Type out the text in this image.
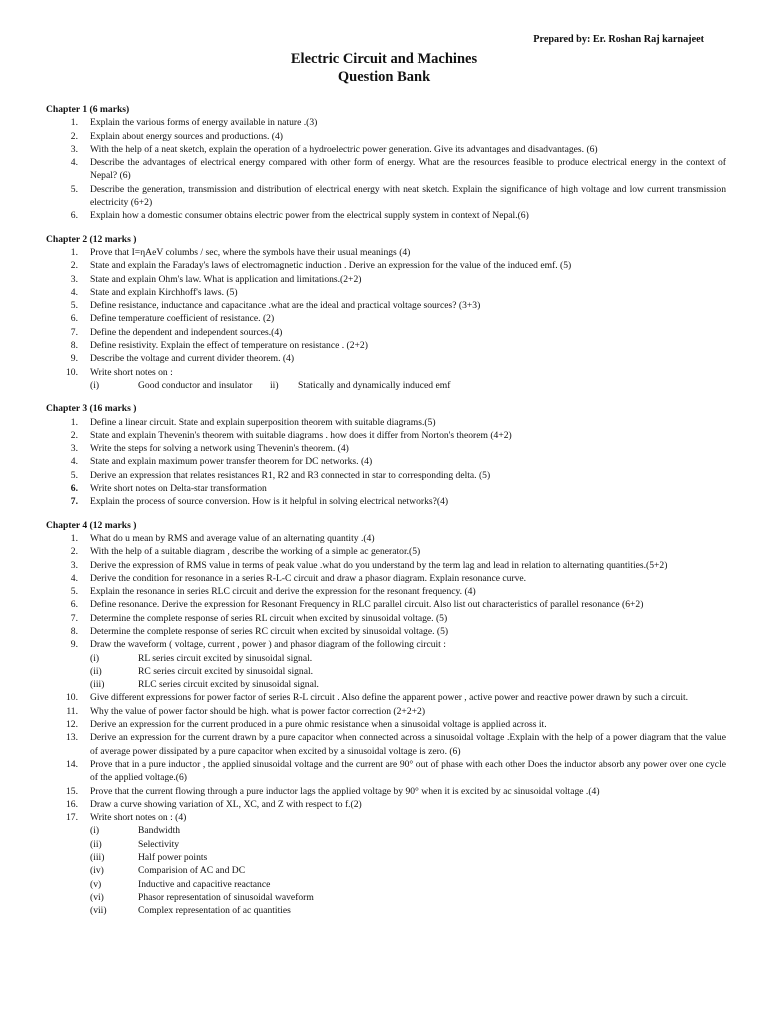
Prepared by: Er. Roshan Raj karnajeet
Electric Circuit and Machines
Question Bank
Chapter 1 (6 marks)
1. Explain the various forms of energy available in nature .(3)
2. Explain about energy sources and productions. (4)
3. With the help of a neat sketch, explain the operation of a hydroelectric power generation. Give its advantages and disadvantages. (6)
4. Describe the advantages of electrical energy compared with other form of energy. What are the resources feasible to produce electrical energy in the context of Nepal? (6)
5. Describe the generation, transmission and distribution of electrical energy with neat sketch. Explain the significance of high voltage and low current transmission electricity (6+2)
6. Explain how a domestic consumer obtains electric power from the electrical supply system in context of Nepal.(6)
Chapter 2 (12 marks )
1. Prove that I=ηAeV columbs / sec, where the symbols have their usual meanings (4)
2. State and explain the Faraday's laws of electromagnetic induction . Derive an expression for the value of the induced emf. (5)
3. State and explain Ohm's law. What is application and limitations.(2+2)
4. State and explain Kirchhoff's laws. (5)
5. Define resistance, inductance and capacitance .what are the ideal and practical voltage sources? (3+3)
6. Define temperature coefficient of resistance. (2)
7. Define the dependent and independent sources.(4)
8. Define resistivity. Explain the effect of temperature on resistance . (2+2)
9. Describe the voltage and current divider theorem. (4)
10. Write short notes on :
(i)	Good conductor and insulator ii) Statically and dynamically induced emf
Chapter 3 (16 marks )
1. Define a linear circuit. State and explain superposition theorem with suitable diagrams.(5)
2. State and explain Thevenin's theorem with suitable diagrams . how does it differ from Norton's theorem (4+2)
3. Write the steps for solving a network using Thevenin's theorem. (4)
4. State and explain maximum power transfer theorem for DC networks. (4)
5. Derive an expression that relates resistances R1, R2 and R3 connected in star to corresponding delta. (5)
6. Write short notes on Delta-star transformation
7. Explain the process of source conversion. How is it helpful in solving electrical networks?(4)
Chapter 4 (12 marks )
1. What do u mean by RMS and average value of an alternating quantity .(4)
2. With the help of a suitable diagram , describe the working of a simple ac generator.(5)
3. Derive the expression of RMS value in terms of peak value .what do you understand by the term lag and lead in relation to alternating quantities.(5+2)
4. Derive the condition for resonance in a series R-L-C circuit and draw a phasor diagram. Explain resonance curve.
5. Explain the resonance in series RLC circuit and derive the expression for the resonant frequency. (4)
6. Define resonance. Derive the expression for Resonant Frequency in RLC parallel circuit. Also list out characteristics of parallel resonance (6+2)
7. Determine the complete response of series RL circuit when excited by sinusoidal voltage. (5)
8. Determine the complete response of series RC circuit when excited by sinusoidal voltage. (5)
9. Draw the waveform ( voltage, current , power ) and phasor diagram of the following circuit :
(i)	RL series circuit excited by sinusoidal signal.
(ii)	RC series circuit excited by sinusoidal signal.
(iii)	RLC series circuit excited by sinusoidal signal.
10. Give different expressions for power factor of series R-L circuit . Also define the apparent power , active power and reactive power drawn by such a circuit.
11. Why the value of power factor should be high. what is power factor correction (2+2+2)
12. Derive an expression for the current produced in a pure ohmic resistance when a sinusoidal voltage is applied across it.
13. Derive an expression for the current drawn by a pure capacitor when connected across a sinusoidal voltage .Explain with the help of a power diagram that the value of average power dissipated by a pure capacitor when excited by a sinusoidal voltage is zero. (6)
14. Prove that in a pure inductor , the applied sinusoidal voltage and the current are 90° out of phase with each other Does the inductor absorb any power over one cycle of the applied voltage.(6)
15. Prove that the current flowing through a pure inductor lags the applied voltage by 90° when it is excited by ac sinusoidal voltage .(4)
16. Draw a curve showing variation of XL, XC, and Z with respect to f.(2)
17. Write short notes on : (4)
(i)	Bandwidth
(ii)	Selectivity
(iii)	Half power points
(iv)	Comparision of AC and DC
(v)	Inductive and capacitive reactance
(vi)	Phasor representation of sinusoidal waveform
(vii)	Complex representation of ac quantities
